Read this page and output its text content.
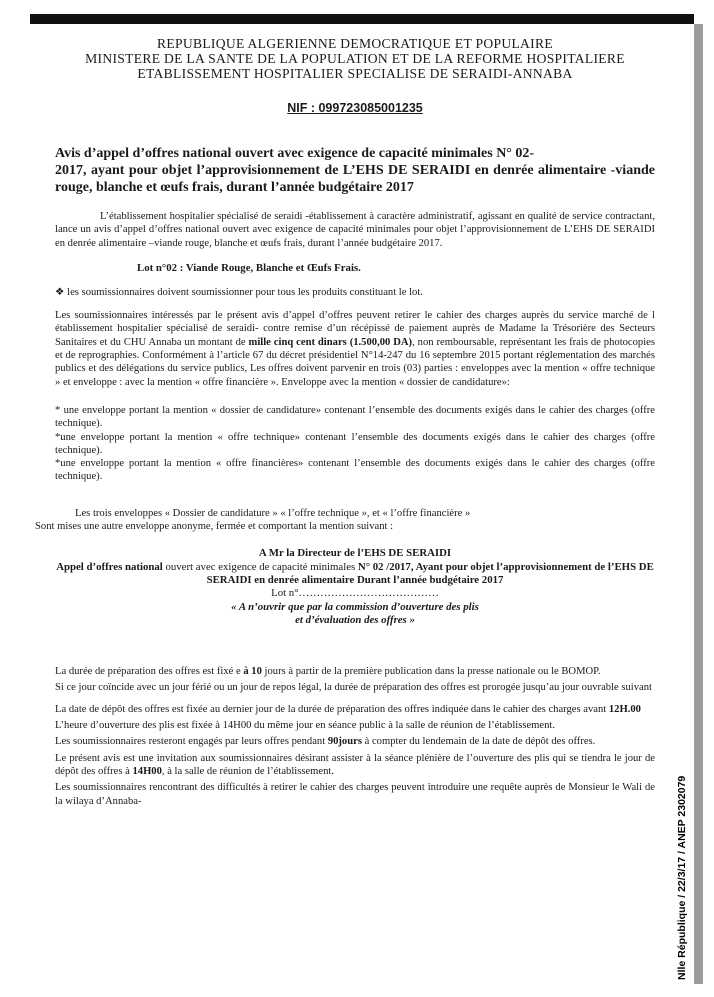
REPUBLIQUE ALGERIENNE DEMOCRATIQUE ET POPULAIRE
MINISTERE DE LA SANTE DE LA POPULATION ET DE LA REFORME HOSPITALIERE
ETABLISSEMENT HOSPITALIER SPECIALISE DE SERAIDI-ANNABA
NIF : 099723085001235
Avis d’appel d’offres national ouvert avec exigence de capacité minimales N° 02-
2017, ayant pour objet l’approvisionnement de L’EHS DE SERAIDI en denrée alimentaire -viande rouge, blanche et œufs frais, durant l’année budgétaire 2017

L’établissement hospitalier spécialisé de seraidi -établissement à caractère administratif, agissant en qualité de service contractant, lance un avis d’appel d’offres national ouvert avec exigence de capacité minimales pour objet l’approvisionnement de L’EHS DE SERAIDI en denrée alimentaire –viande rouge, blanche et œufs frais, durant l’année budgétaire 2017.

Lot n°02 : Viande Rouge, Blanche et Œufs Frais.

❖ les soumissionnaires doivent soumissionner pour tous les produits constituant le lot.

Les soumissionnaires intéressés par le présent avis d’appel d’offres peuvent retirer le cahier des charges auprès du service marché de l établissement hospitalier spécialisé de seraidi- contre remise d’un récépissé de paiement auprès de Madame la Trésorière des Secteurs Sanitaires et du CHU Annaba un montant de mille cinq cent dinars (1.500,00 DA), non remboursable, représentant les frais de photocopies et de reprographies. Conformément à l’article 67 du décret présidentiel N°14-247 du 16 septembre 2015 portant réglementation des marchés publics et des délégations du service publics, Les offres doivent parvenir en trois (03) parties : enveloppes avec la mention « offre technique » et enveloppe : avec la mention « offre financière ». Enveloppe avec la mention « dossier de candidature»:

* une enveloppe portant la mention « dossier de candidature» contenant l’ensemble des documents exigés dans le cahier des charges (offre technique).
*une enveloppe portant la mention « offre technique» contenant l’ensemble des documents exigés dans le cahier des charges (offre technique).
*une enveloppe portant la mention « offre financières» contenant l’ensemble des documents exigés dans le cahier des charges (offre technique).
Les trois enveloppes « Dossier de candidature » « l’offre technique », et « l’offre financière »
Sont mises une autre enveloppe anonyme, fermée et comportant la mention suivant :
A Mr la Directeur de l’EHS DE SERAIDI
Appel d’offres national ouvert avec exigence de capacité minimales N° 02 /2017, Ayant pour objet l’approvisionnement de l’EHS DE SERAIDI en denrée alimentaire Durant l’année budgétaire 2017
Lot n°…………………………………
« A n’ouvrir que par la commission d’ouverture des plis
et d’évaluation des offres »

La durée de préparation des offres est fixé e à 10 jours à partir de la première publication dans la presse nationale ou le BOMOP.

Si ce jour coïncide avec un jour férié ou un jour de repos légal, la durée de préparation des offres est prorogée jusqu’au jour ouvrable suivant

La date de dépôt des offres est fixée au dernier jour de la durée de préparation des offres indiquée dans le cahier des charges avant 12H.00

L’heure d’ouverture des plis est fixée à 14H00 du même jour en séance public à la salle de réunion de l’établissement.

Les soumissionnaires resteront engagés par leurs offres pendant 90jours à compter du lendemain de la date de dépôt des offres.

Le présent avis est une invitation aux soumissionnaires désirant assister à la séance plénière de l’ouverture des plis qui se tiendra le jour de dépôt des offres à 14H00, à la salle de réunion de l’établissement.

Les soumissionnaires rencontrant des difficultés à retirer le cahier des charges peuvent introduire une requête auprès de Monsieur le Wali de la wilaya d’Annaba-	Nlle République / 22/3/17 / ANEP 2302079
